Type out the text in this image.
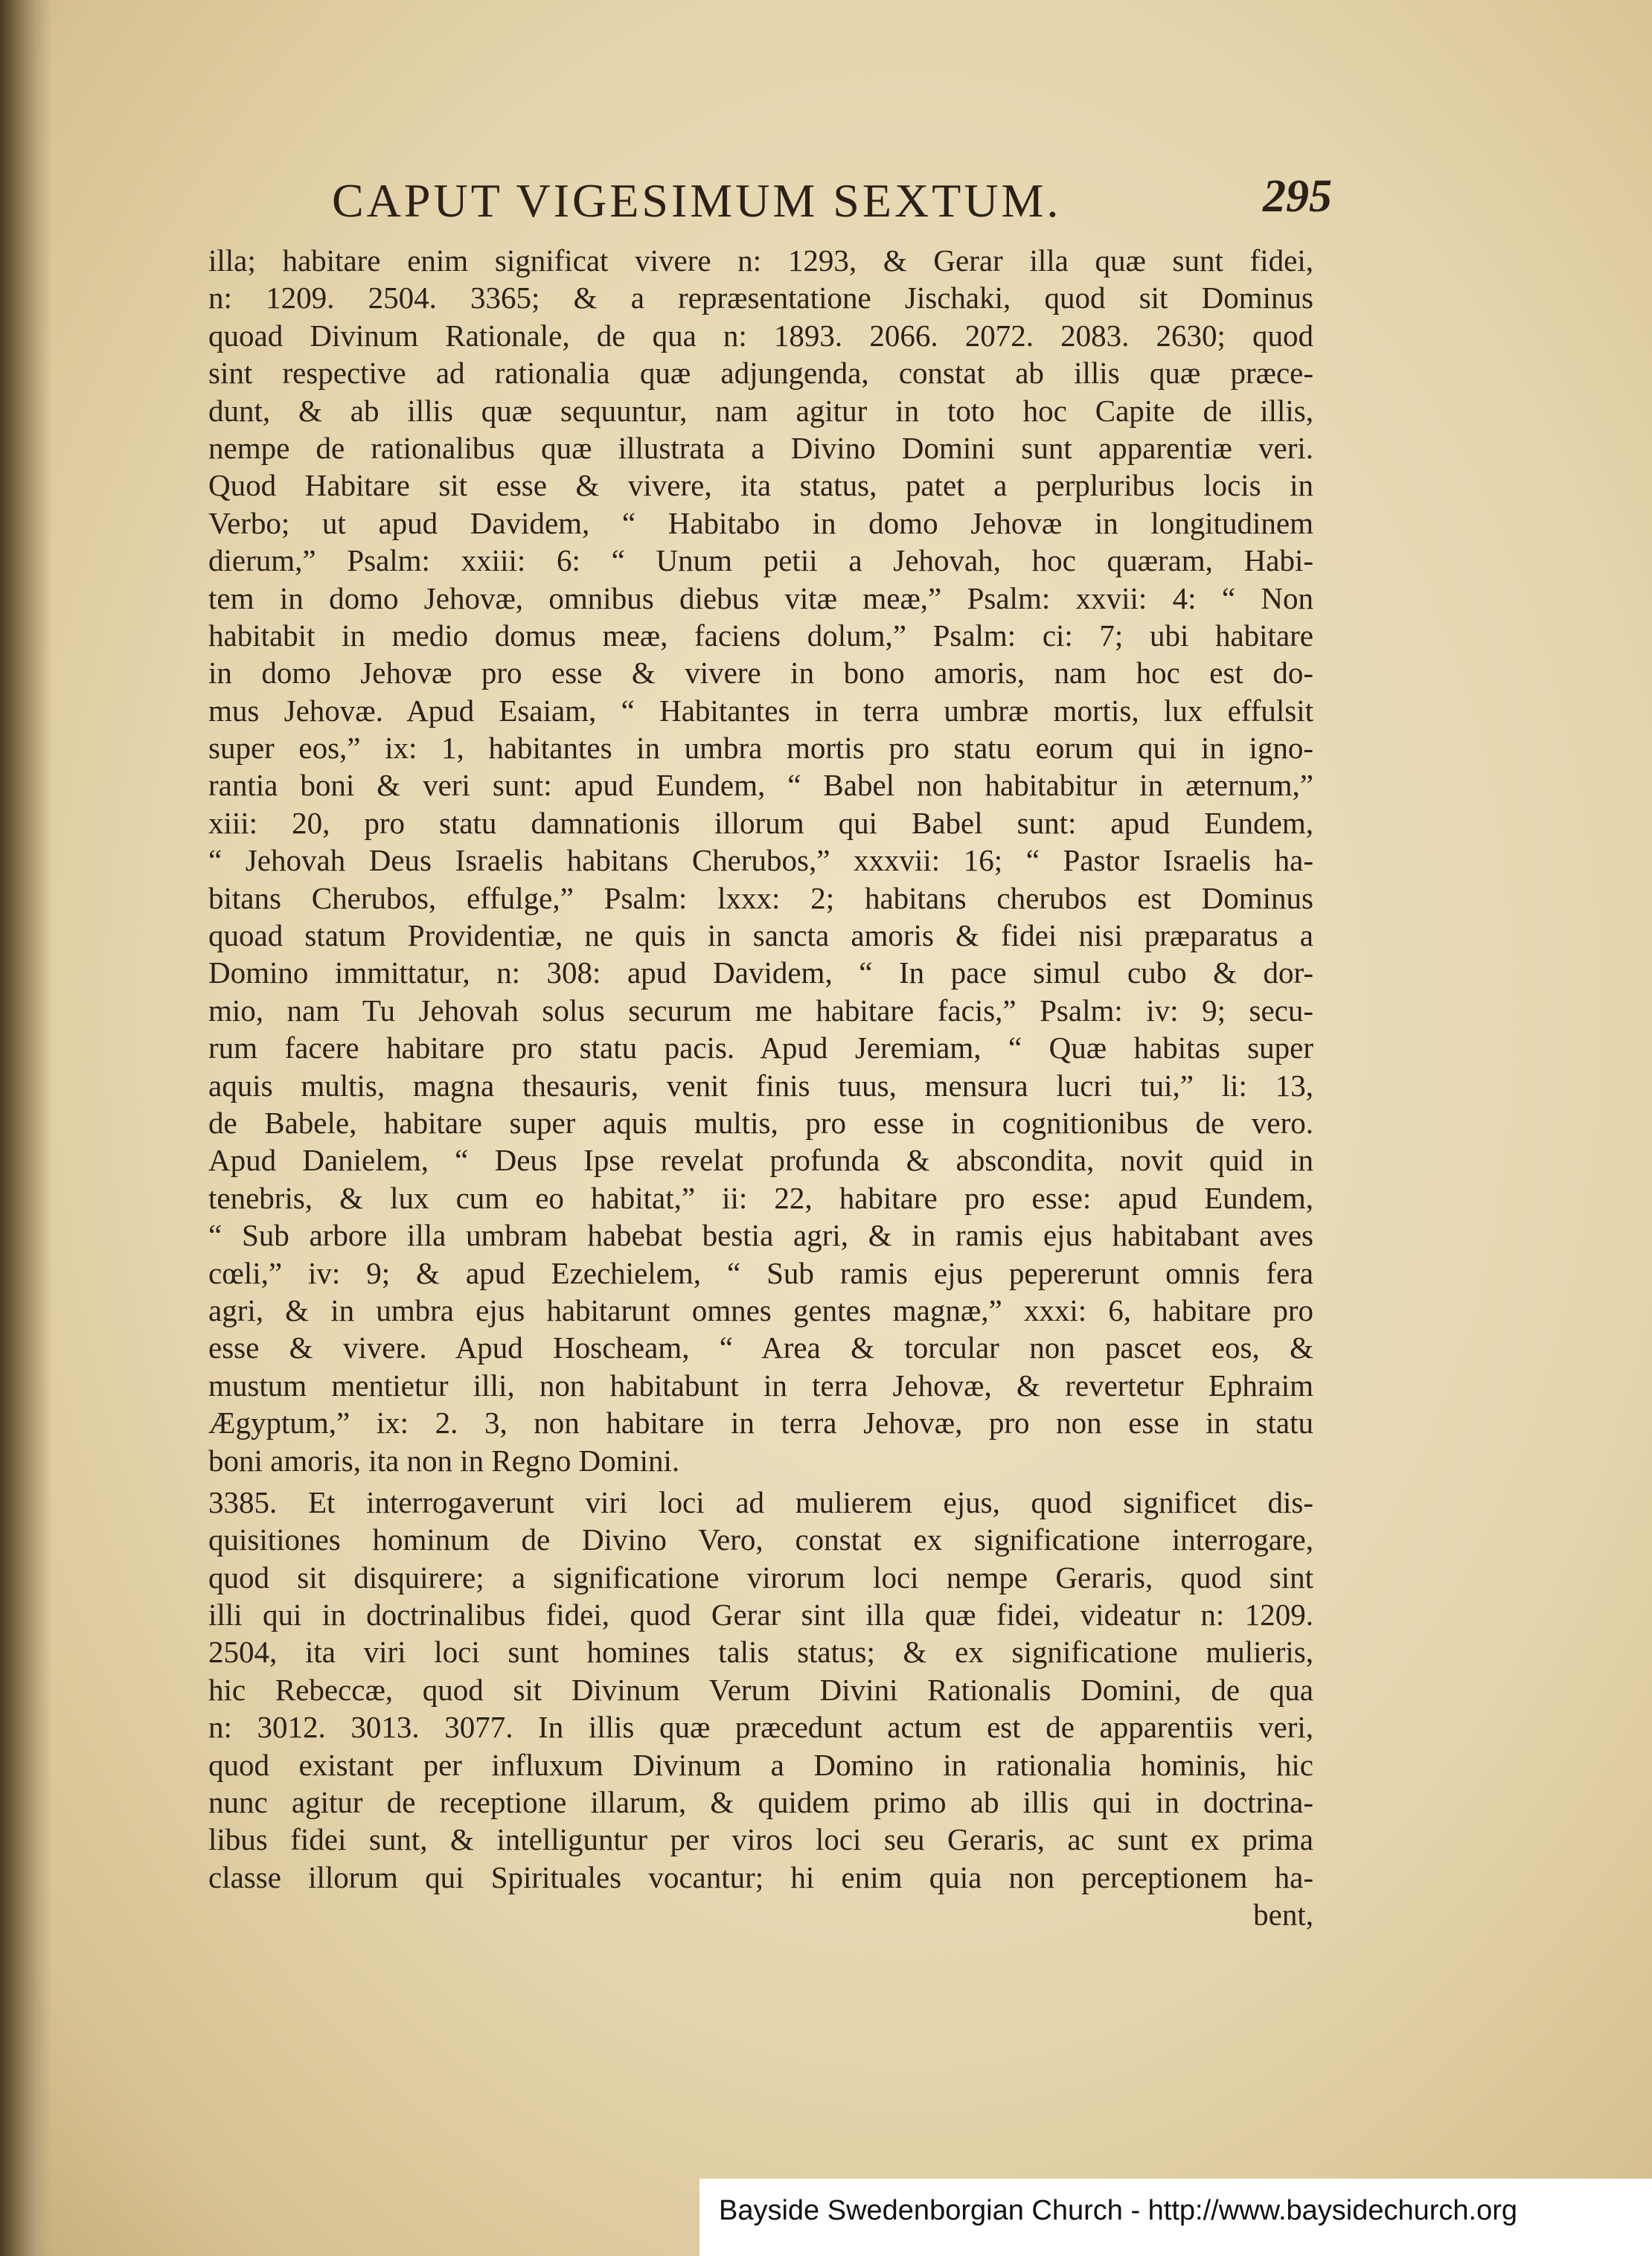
CAPUT VIGESIMUM SEXTUM.	295
illa; habitare enim significat vivere n: 1293, & Gerar illa quæ sunt fidei,
n: 1209. 2504. 3365; & a repræsentatione Jischaki, quod sit Dominus
quoad Divinum Rationale, de qua n: 1893. 2066. 2072. 2083. 2630; quod
sint respective ad rationalia quæ adjungenda, constat ab illis quæ præce-
dunt, & ab illis quæ sequuntur, nam agitur in toto hoc Capite de illis,
nempe de rationalibus quæ illustrata a Divino Domini sunt apparentiæ veri.
Quod Habitare sit esse & vivere, ita status, patet a perpluribus locis in
Verbo; ut apud Davidem, “ Habitabo in domo Jehovæ in longitudinem
dierum,” Psalm: xxiii: 6: “ Unum petii a Jehovah, hoc quæram, Habi-
tem in domo Jehovæ, omnibus diebus vitæ meæ,” Psalm: xxvii: 4: “ Non
habitabit in medio domus meæ, faciens dolum,” Psalm: ci: 7; ubi habitare
in domo Jehovæ pro esse & vivere in bono amoris, nam hoc est do-
mus Jehovæ. Apud Esaiam, “ Habitantes in terra umbræ mortis, lux effulsit
super eos,” ix: 1, habitantes in umbra mortis pro statu eorum qui in igno-
rantia boni & veri sunt: apud Eundem, “ Babel non habitabitur in æternum,”
xiii: 20, pro statu damnationis illorum qui Babel sunt: apud Eundem,
“ Jehovah Deus Israelis habitans Cherubos,” xxxvii: 16; “ Pastor Israelis ha-
bitans Cherubos, effulge,” Psalm: lxxx: 2; habitans cherubos est Dominus
quoad statum Providentiæ, ne quis in sancta amoris & fidei nisi præparatus a
Domino immittatur, n: 308: apud Davidem, “ In pace simul cubo & dor-
mio, nam Tu Jehovah solus securum me habitare facis,” Psalm: iv: 9; secu-
rum facere habitare pro statu pacis. Apud Jeremiam, “ Quæ habitas super
aquis multis, magna thesauris, venit finis tuus, mensura lucri tui,” li: 13,
de Babele, habitare super aquis multis, pro esse in cognitionibus de vero.
Apud Danielem, “ Deus Ipse revelat profunda & abscondita, novit quid in
tenebris, & lux cum eo habitat,” ii: 22, habitare pro esse: apud Eundem,
“ Sub arbore illa umbram habebat bestia agri, & in ramis ejus habitabant aves
cœli,” iv: 9; & apud Ezechielem, “ Sub ramis ejus pepererunt omnis fera
agri, & in umbra ejus habitarunt omnes gentes magnæ,” xxxi: 6, habitare pro
esse & vivere. Apud Hoscheam, “ Area & torcular non pascet eos, &
mustum mentietur illi, non habitabunt in terra Jehovæ, & revertetur Ephraim
Ægyptum,” ix: 2. 3, non habitare in terra Jehovæ, pro non esse in statu
boni amoris, ita non in Regno Domini.
3385. Et interrogaverunt viri loci ad mulierem ejus, quod significet dis-
quisitiones hominum de Divino Vero, constat ex significatione interrogare,
quod sit disquirere; a significatione virorum loci nempe Geraris, quod sint
illi qui in doctrinalibus fidei, quod Gerar sint illa quæ fidei, videatur n: 1209.
2504, ita viri loci sunt homines talis status; & ex significatione mulieris,
hic Rebeccæ, quod sit Divinum Verum Divini Rationalis Domini, de qua
n: 3012. 3013. 3077. In illis quæ præcedunt actum est de apparentiis veri,
quod existant per influxum Divinum a Domino in rationalia hominis, hic
nunc agitur de receptione illarum, & quidem primo ab illis qui in doctrina-
libus fidei sunt, & intelliguntur per viros loci seu Geraris, ac sunt ex prima
classe illorum qui Spirituales vocantur; hi enim quia non perceptionem ha-
bent,
Bayside Swedenborgian Church - http://www.baysidechurch.org
